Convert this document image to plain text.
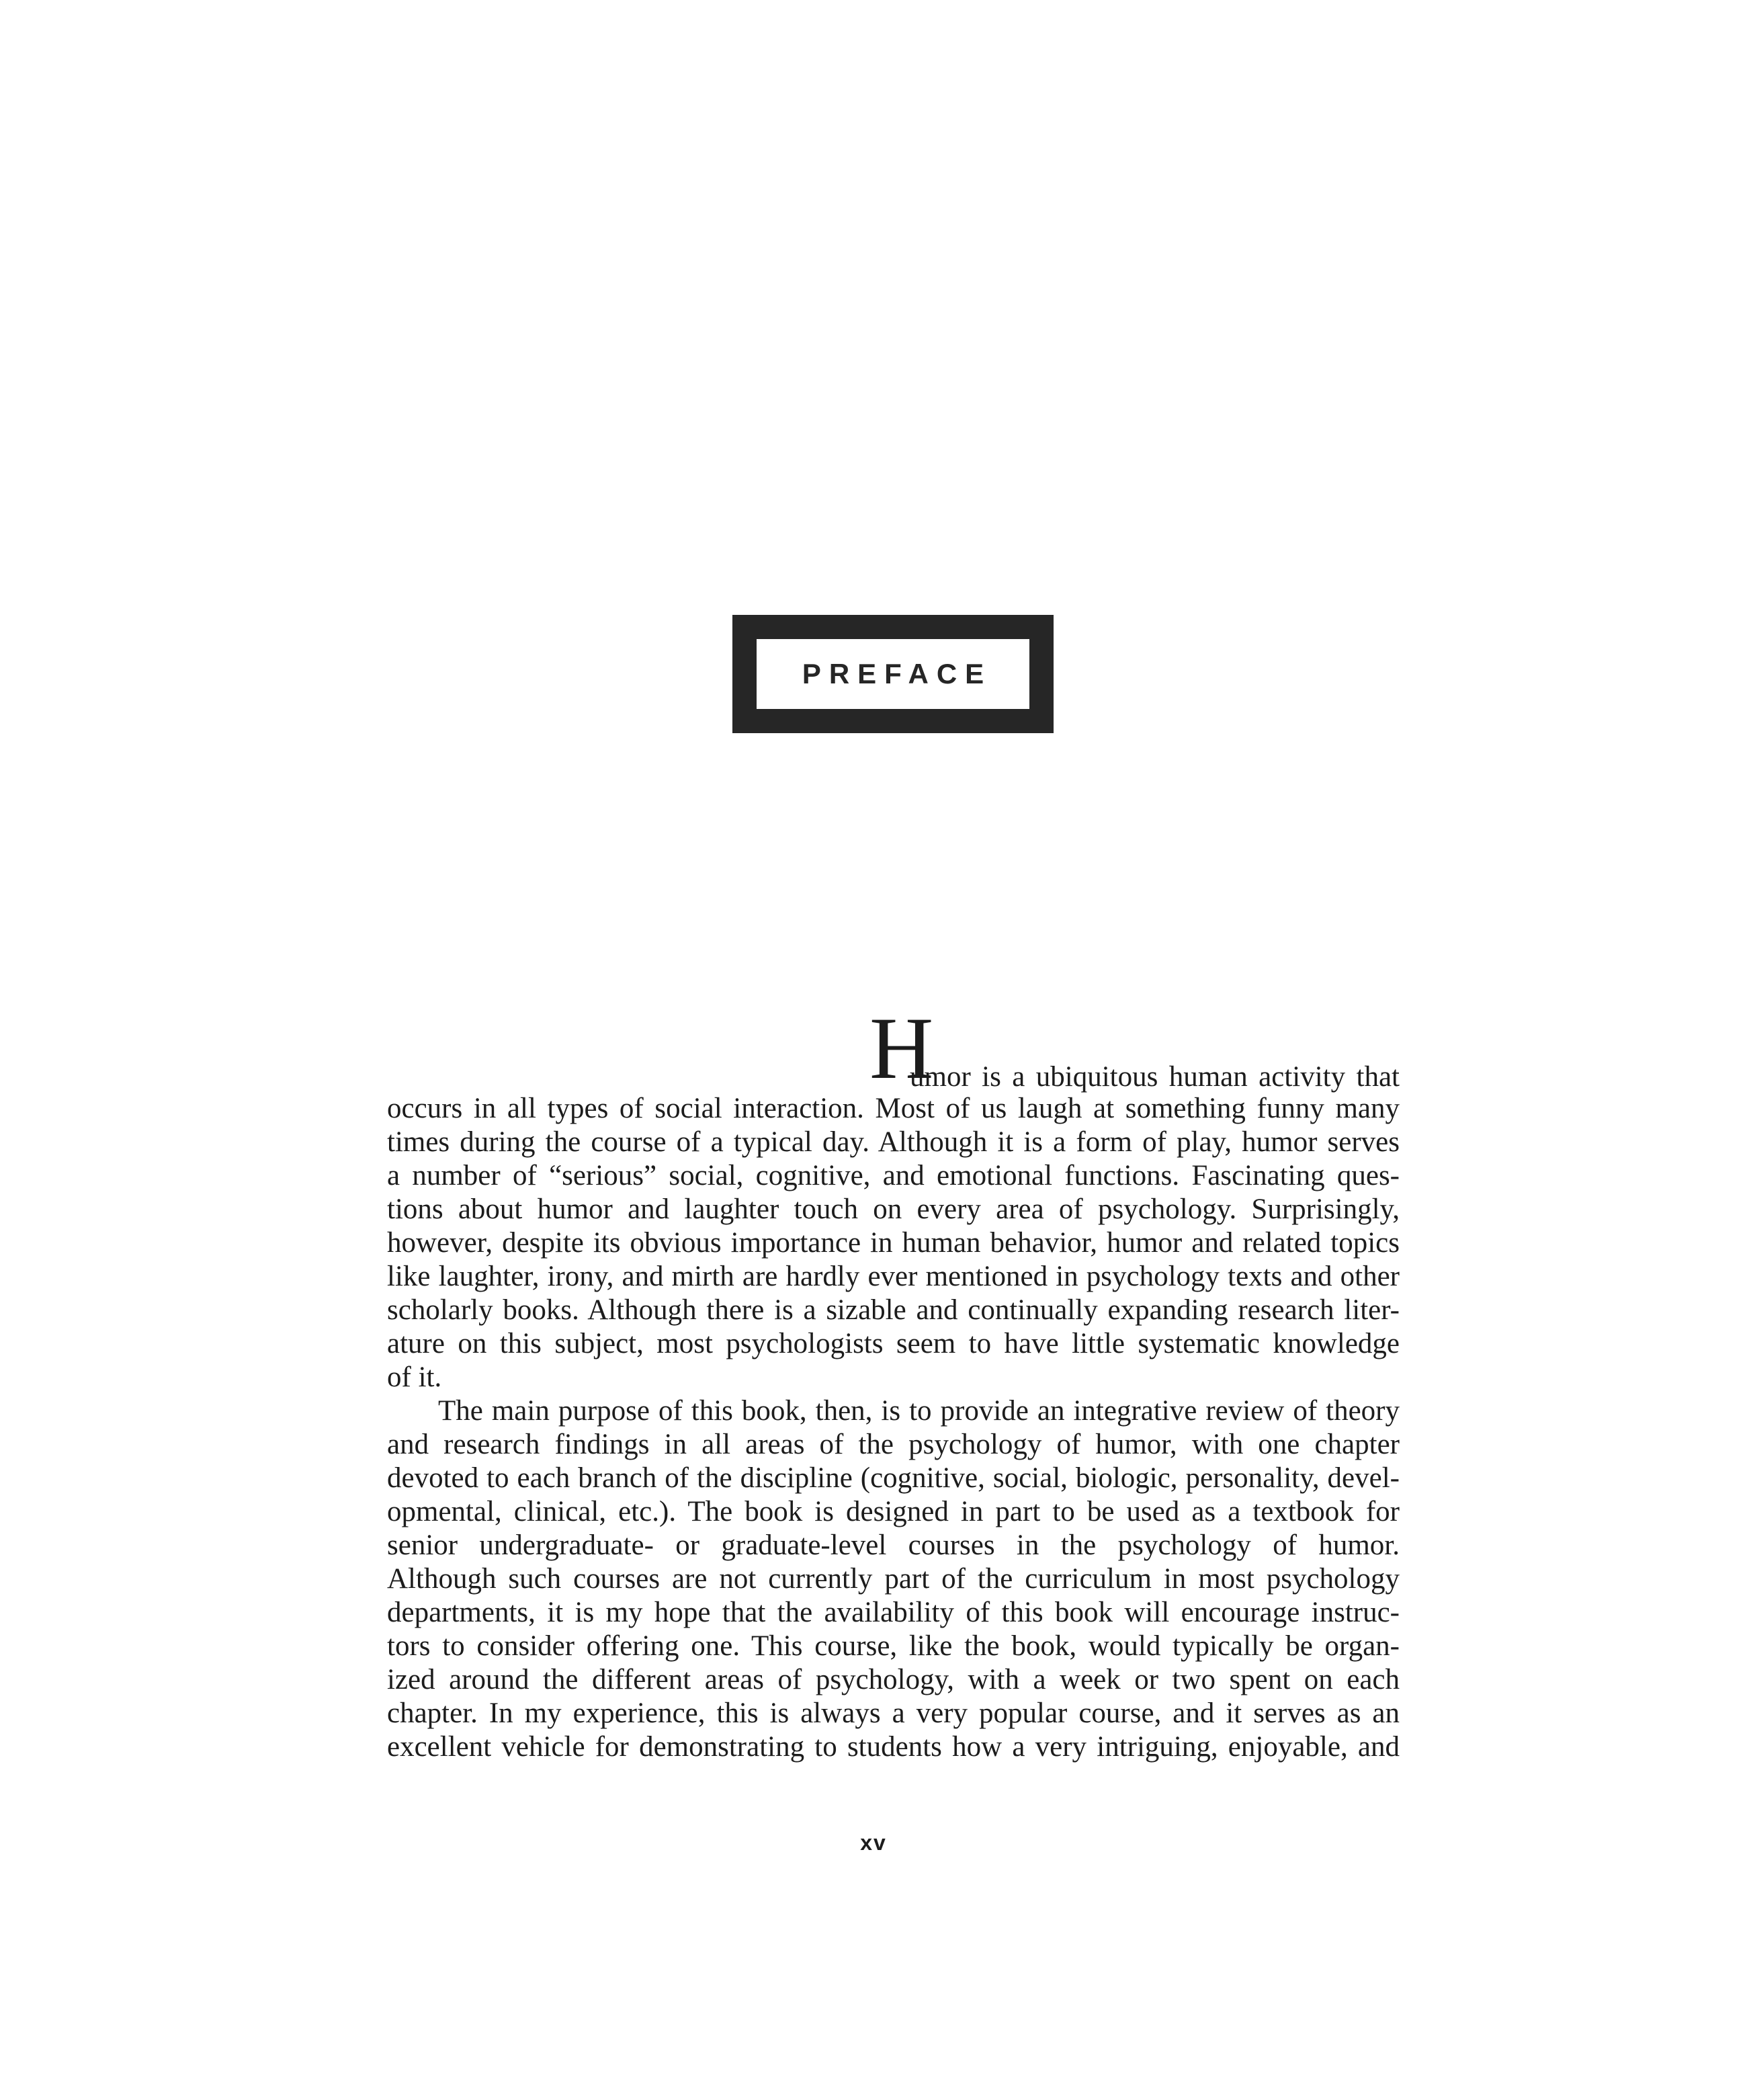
PREFACE
H
umor is a ubiquitous human activity that
occurs in all types of social interaction. Most of us laugh at something funny many
times during the course of a typical day. Although it is a form of play, humor serves
a number of “serious” social, cognitive, and emotional functions. Fascinating ques-
tions about humor and laughter touch on every area of psychology. Surprisingly,
however, despite its obvious importance in human behavior, humor and related topics
like laughter, irony, and mirth are hardly ever mentioned in psychology texts and other
scholarly books. Although there is a sizable and continually expanding research liter-
ature on this subject, most psychologists seem to have little systematic knowledge
of it.
The main purpose of this book, then, is to provide an integrative review of theory
and research findings in all areas of the psychology of humor, with one chapter
devoted to each branch of the discipline (cognitive, social, biologic, personality, devel-
opmental, clinical, etc.). The book is designed in part to be used as a textbook for
senior undergraduate- or graduate-level courses in the psychology of humor.
Although such courses are not currently part of the curriculum in most psychology
departments, it is my hope that the availability of this book will encourage instruc-
tors to consider offering one. This course, like the book, would typically be organ-
ized around the different areas of psychology, with a week or two spent on each
chapter. In my experience, this is always a very popular course, and it serves as an
excellent vehicle for demonstrating to students how a very intriguing, enjoyable, and
xv
